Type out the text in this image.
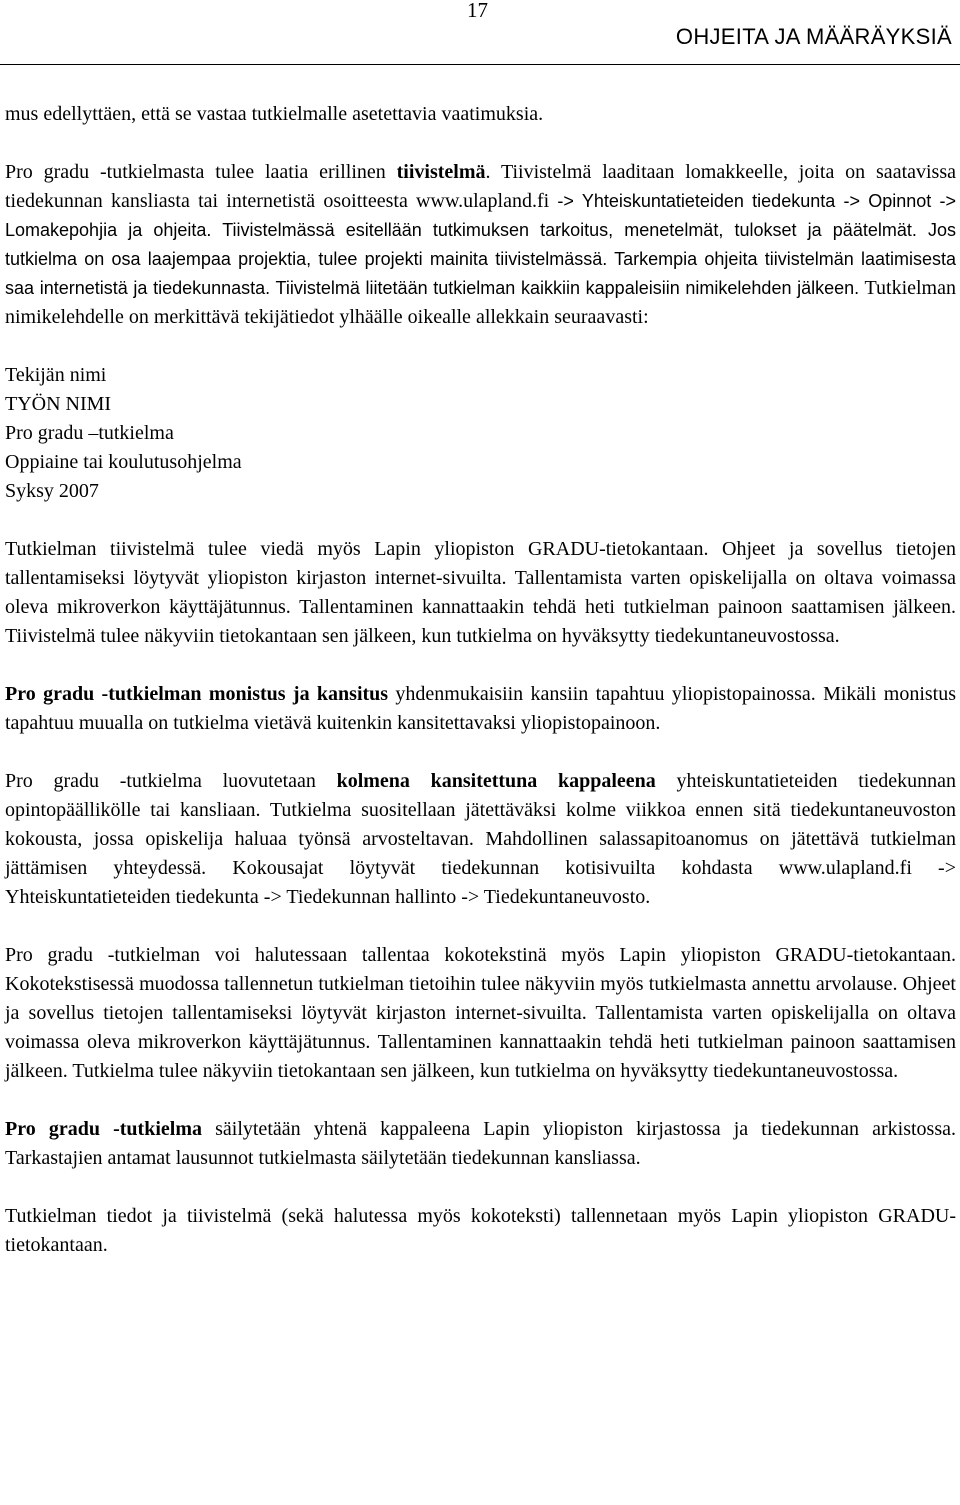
17
OHJEITA JA MÄÄRÄYKSIÄ

mus edellyttäen, että se vastaa tutkielmalle asetettavia vaatimuksia.

Pro gradu -tutkielmasta tulee laatia erillinen tiivistelmä. Tiivistelmä laaditaan lomakkeelle, joita on saatavissa tiedekunnan kansliasta tai internetistä osoitteesta www.ulapland.fi -> Yhteiskuntatieteiden tiedekunta -> Opinnot -> Lomakepohjia ja ohjeita. Tiivistelmässä esitellään tutkimuksen tarkoitus, menetelmät, tulokset ja päätelmät. Jos tutkielma on osa laajempaa projektia, tulee projekti mainita tiivistelmässä. Tarkempia ohjeita tiivistelmän laatimisesta saa internetistä ja tiedekunnasta. Tiivistelmä liitetään tutkielman kaikkiin kappaleisiin nimikelehden jälkeen. Tutkielman nimikelehdelle on merkittävä tekijätiedot ylhäälle oikealle allekkain seuraavasti:

Tekijän nimi
TYÖN NIMI
Pro gradu –tutkielma
Oppiaine tai koulutusohjelma
Syksy 2007

Tutkielman tiivistelmä tulee viedä myös Lapin yliopiston GRADU-tietokantaan. Ohjeet ja sovellus tietojen tallentamiseksi löytyvät yliopiston kirjaston internet-sivuilta. Tallentamista varten opiskelijalla on oltava voimassa oleva mikroverkon käyttäjätunnus. Tallentaminen kannattaakin tehdä heti tutkielman painoon saattamisen jälkeen. Tiivistelmä tulee näkyviin tietokantaan sen jälkeen, kun tutkielma on hyväksytty tiedekuntaneuvostossa.

Pro gradu -tutkielman monistus ja kansitus yhdenmukaisiin kansiin tapahtuu yliopistopainossa. Mikäli monistus tapahtuu muualla on tutkielma vietävä kuitenkin kansitettavaksi yliopistopainoon.

Pro gradu -tutkielma luovutetaan kolmena kansitettuna kappaleena yhteiskuntatieteiden tiedekunnan opintopäällikölle tai kansliaan. Tutkielma suositellaan jätettäväksi kolme viikkoa ennen sitä tiedekuntaneuvoston kokousta, jossa opiskelija haluaa työnsä arvosteltavan. Mahdollinen salassapitoanomus on jätettävä tutkielman jättämisen yhteydessä. Kokousajat löytyvät tiedekunnan kotisivuilta kohdasta www.ulapland.fi -> Yhteiskuntatieteiden tiedekunta -> Tiedekunnan hallinto -> Tiedekuntaneuvosto.

Pro gradu -tutkielman voi halutessaan tallentaa kokotekstinä myös Lapin yliopiston GRADU-tietokantaan. Kokotekstisessä muodossa tallennetun tutkielman tietoihin tulee näkyviin myös tutkielmasta annettu arvolause. Ohjeet ja sovellus tietojen tallentamiseksi löytyvät kirjaston internet-sivuilta. Tallentamista varten opiskelijalla on oltava voimassa oleva mikroverkon käyttäjätunnus. Tallentaminen kannattaakin tehdä heti tutkielman painoon saattamisen jälkeen. Tutkielma tulee näkyviin tietokantaan sen jälkeen, kun tutkielma on hyväksytty tiedekuntaneuvostossa.

Pro gradu -tutkielma säilytetään yhtenä kappaleena Lapin yliopiston kirjastossa ja tiedekunnan arkistossa. Tarkastajien antamat lausunnot tutkielmasta säilytetään tiedekunnan kansliassa.

Tutkielman tiedot ja tiivistelmä (sekä halutessa myös kokoteksti) tallennetaan myös Lapin yliopiston GRADU-tietokantaan.
